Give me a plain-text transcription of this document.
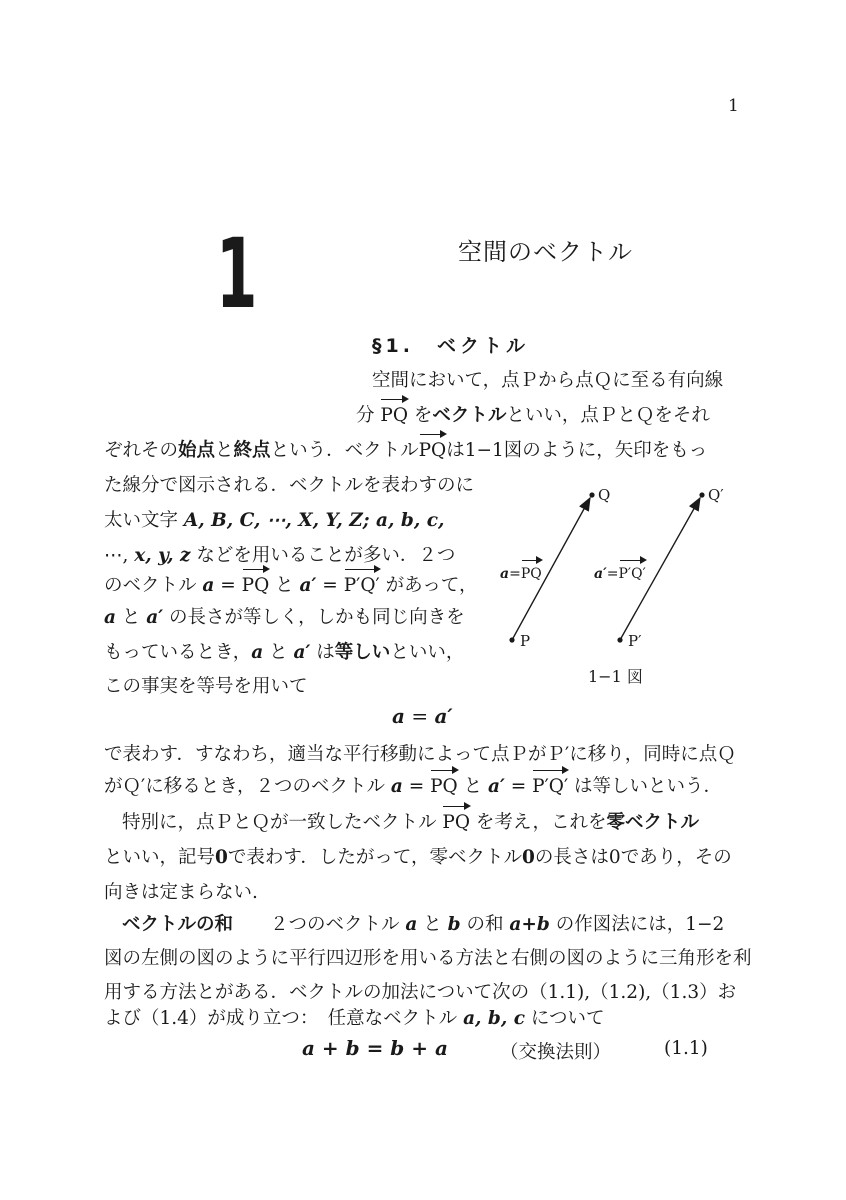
1
1	空間のベクトル
§1.　ベクトル
空間において，点Ｐから点Ｑに至る有向線
分 PQ をベクトルといい，点ＰとＱをそれ
ぞれその始点と終点という．ベクトルPQは1−1図のように，矢印をもっ
た線分で図示される．ベクトルを表わすのに
太い文字 A, B, C, ⋯, X, Y, Z; a, b, c,
⋯, x, y, z などを用いることが多い．２つ
のベクトル a = PQ と a′ = P′Q′ があって，
a と a′ の長さが等しく，しかも同じ向きを
もっているとき，a と a′ は等しいといい，
この事実を等号を用いて
Q	Q′
P	P′
a=PQ	a′=P′Q′
1−1 図
a = a′
で表わす．すなわち，適当な平行移動によって点ＰがＰ′に移り，同時に点Ｑ
がＱ′に移るとき，２つのベクトル a = PQ と a′ = P′Q′ は等しいという．
特別に，点ＰとＱが一致したベクトル PQ を考え，これを零ベクトル
といい，記号0で表わす．したがって，零ベクトル0の長さは0であり，その
向きは定まらない.
ベクトルの和　　２つのベクトル a と b の和 a+b の作図法には，1−2
図の左側の図のように平行四辺形を用いる方法と右側の図のように三角形を利
用する方法とがある．ベクトルの加法について次の（1.1),（1.2),（1.3）お
よび（1.4）が成り立つ：　任意なベクトル a, b, c について
a + b = b + a	（交換法則）	(1.1)
